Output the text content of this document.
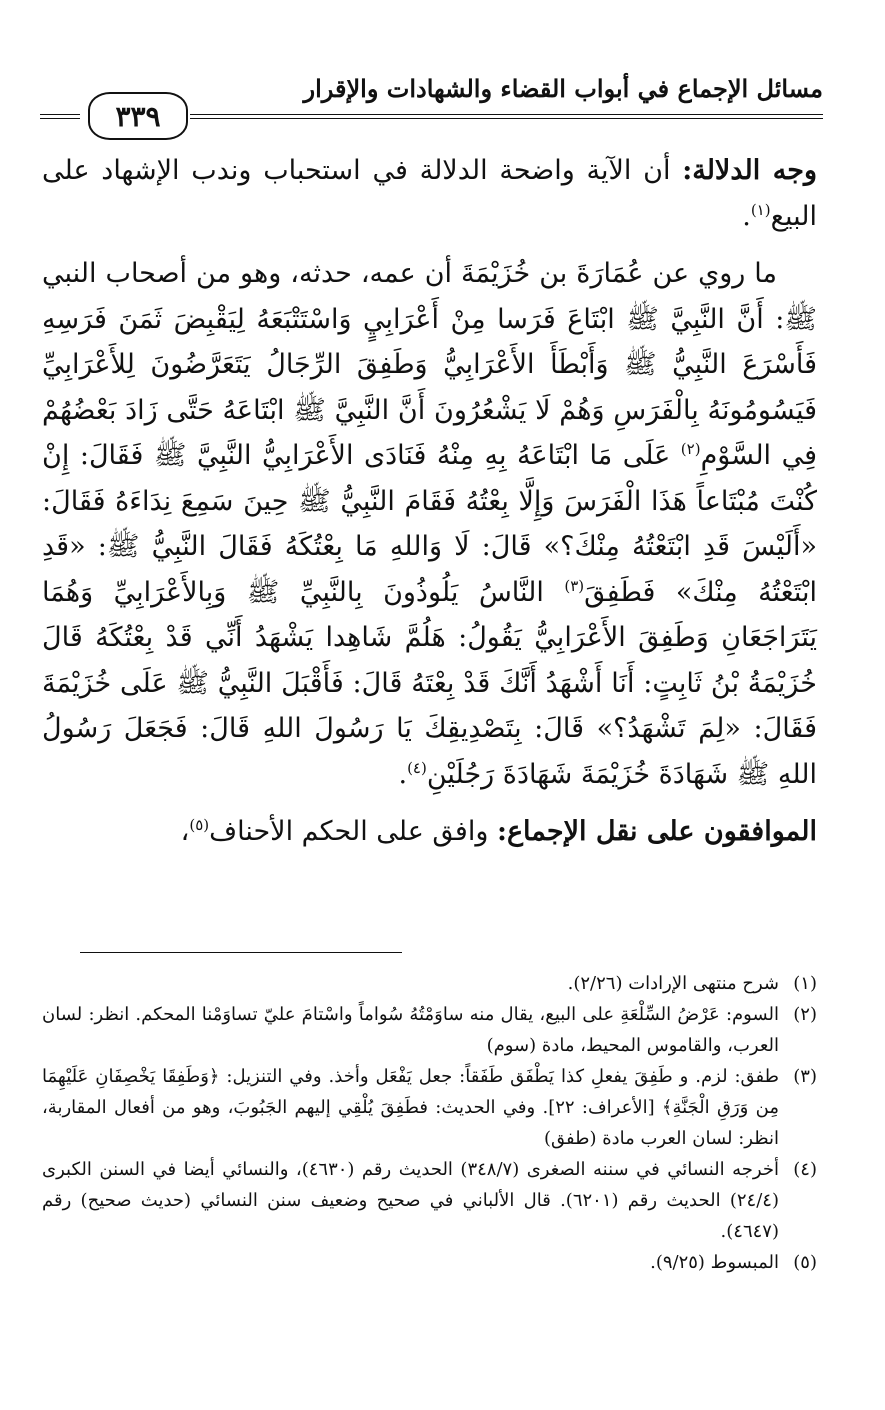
مسائل الإجماع في أبواب القضاء والشهادات والإقرار
٣٣٩

وجه الدلالة: أن الآية واضحة الدلالة في استحباب وندب الإشهاد على البيع$^{(١)}$.

ما روي عن عُمَارَةَ بن خُزَيْمَةَ أن عمه، حدثه، وهو من أصحاب النبي ﷺ: أَنَّ النَّبِيَّ ﷺ ابْتَاعَ فَرَسا مِنْ أَعْرَابِيٍ وَاسْتَتْبَعَهُ لِيَقْبِضَ ثَمَنَ فَرَسِهِ فَأَسْرَعَ النَّبِيُّ ﷺ وَأَبْطَأَ الأَعْرَابِيُّ وَطَفِقَ الرِّجَالُ يَتَعَرَّضُونَ لِلأَعْرَابِيِّ فَيَسُومُونَهُ بِالْفَرَسِ وَهُمْ لَا يَشْعُرُونَ أَنَّ النَّبِيَّ ﷺ ابْتَاعَهُ حَتَّى زَادَ بَعْضُهُمْ فِي السَّوْمِ$^{(٢)}$ عَلَى مَا ابْتَاعَهُ بِهِ مِنْهُ فَنَادَى الأَعْرَابِيُّ النَّبِيَّ ﷺ فَقَالَ: إِنْ كُنْتَ مُبْتَاعاً هَذَا الْفَرَسَ وَإِلَّا بِعْتُهُ فَقَامَ النَّبِيُّ ﷺ حِينَ سَمِعَ نِدَاءَهُ فَقَالَ: «أَلَيْسَ قَدِ ابْتَعْتُهُ مِنْكَ؟» قَالَ: لَا وَاللهِ مَا بِعْتُكَهُ فَقَالَ النَّبِيُّ ﷺ: «قَدِ ابْتَعْتُهُ مِنْكَ» فَطَفِقَ$^{(٣)}$ النَّاسُ يَلُوذُونَ بِالنَّبِيِّ ﷺ وَبِالأَعْرَابِيِّ وَهُمَا يَتَرَاجَعَانِ وَطَفِقَ الأَعْرَابِيُّ يَقُولُ: هَلُمَّ شَاهِدا يَشْهَدُ أَنِّي قَدْ بِعْتُكَهُ قَالَ خُزَيْمَةُ بْنُ ثَابِتٍ: أَنَا أَشْهَدُ أَنَّكَ قَدْ بِعْتَهُ قَالَ: فَأَقْبَلَ النَّبِيُّ ﷺ عَلَى خُزَيْمَةَ فَقَالَ: «لِمَ تَشْهَدُ؟» قَالَ: بِتَصْدِيقِكَ يَا رَسُولَ اللهِ قَالَ: فَجَعَلَ رَسُولُ اللهِ ﷺ شَهَادَةَ خُزَيْمَةَ شَهَادَةَ رَجُلَيْنِ$^{(٤)}$.

الموافقون على نقل الإجماع: وافق على الحكم الأحناف$^{(٥)}$،

(١)
شرح منتهى الإرادات (٢/٢٦).
(٢)
السوم: عَرْضُ السِّلْعَةِ على البيع، يقال منه ساوَمْتُهُ سُواماً واسْتامَ عليّ تساوَمْنا المحكم. انظر: لسان العرب، والقاموس المحيط، مادة (سوم)
(٣)
طفق: لزم. و طَفِقَ يفعلِ كذا يَطْفَق طَفَقاً: جعل يَفْعَل وأخذ. وفي التنزيل: ﴿وَطَفِقَا يَخْصِفَانِ عَلَيْهِمَا مِن وَرَقِ الْجَنَّةِ﴾ [الأعراف: ٢٢]. وفي الحديث: فطَفِقَ يُلْقِي إليهم الجَبُوبَ، وهو من أفعال المقاربة، انظر: لسان العرب مادة (طفق)
(٤)
أخرجه النسائي في سننه الصغرى (٣٤٨/٧) الحديث رقم (٤٦٣٠)، والنسائي أيضا في السنن الكبرى (٢٤/٤) الحديث رقم (٦٢٠١). قال الألباني في صحيح وضعيف سنن النسائي (حديث صحيح) رقم (٤٦٤٧).
(٥)
المبسوط (٩/٢٥).
